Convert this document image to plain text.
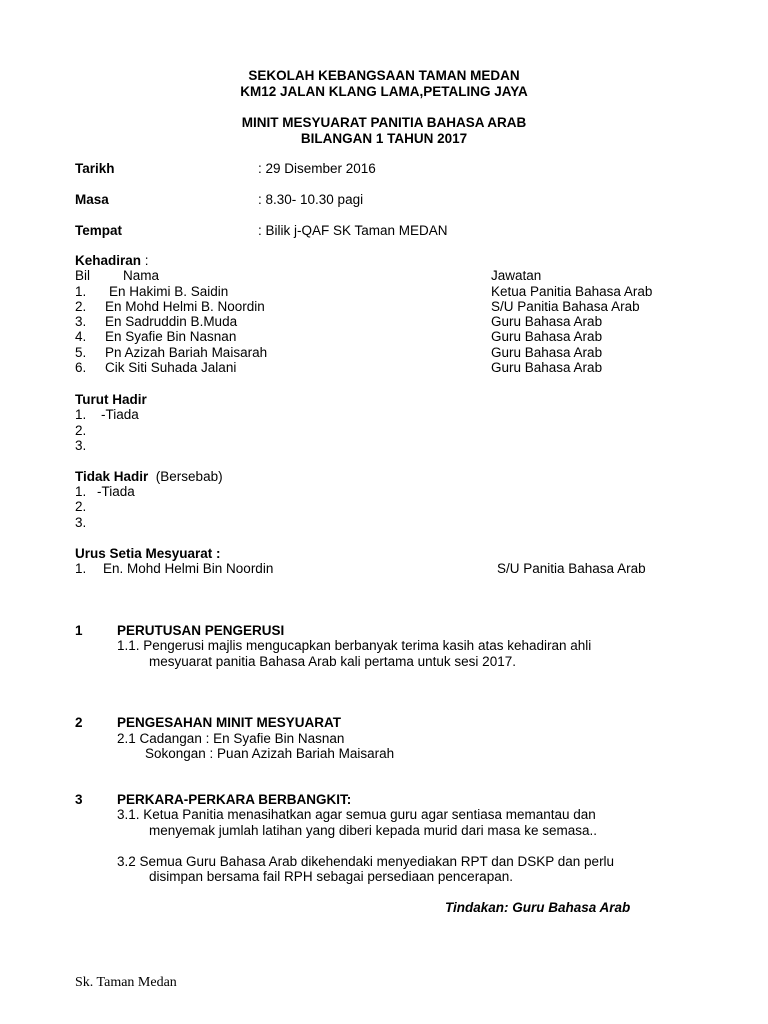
SEKOLAH KEBANGSAAN TAMAN MEDAN
KM12 JALAN KLANG LAMA,PETALING JAYA
MINIT MESYUARAT PANITIA BAHASA ARAB
BILANGAN 1 TAHUN 2017
Tarikh	: 29 Disember 2016
Masa	: 8.30- 10.30 pagi
Tempat	: Bilik j-QAF SK Taman MEDAN
Kehadiran :
Bil Nama	Jawatan
1. En Hakimi B. Saidin	Ketua Panitia Bahasa Arab
2. En Mohd Helmi B. Noordin	S/U Panitia Bahasa Arab
3. En Sadruddin B.Muda	Guru Bahasa Arab
4. En Syafie Bin Nasnan	Guru Bahasa Arab
5. Pn Azizah Bariah Maisarah	Guru Bahasa Arab
6. Cik Siti Suhada Jalani	Guru Bahasa Arab
Turut Hadir
1. -Tiada
2.
3.
Tidak Hadir (Bersebab)
1. -Tiada
2.
3.
Urus Setia Mesyuarat :
1. En. Mohd Helmi Bin Noordin	S/U Panitia Bahasa Arab
1	PERUTUSAN PENGERUSI
1.1. Pengerusi majlis mengucapkan berbanyak terima kasih atas kehadiran ahli
mesyuarat panitia Bahasa Arab kali pertama untuk sesi 2017.
2	PENGESAHAN MINIT MESYUARAT
2.1 Cadangan : En Syafie Bin Nasnan
Sokongan : Puan Azizah Bariah Maisarah
3	PERKARA-PERKARA BERBANGKIT:
3.1. Ketua Panitia menasihatkan agar semua guru agar sentiasa memantau dan
menyemak jumlah latihan yang diberi kepada murid dari masa ke semasa..
3.2 Semua Guru Bahasa Arab dikehendaki menyediakan RPT dan DSKP dan perlu
disimpan bersama fail RPH sebagai persediaan pencerapan.
Tindakan: Guru Bahasa Arab
Sk. Taman Medan
